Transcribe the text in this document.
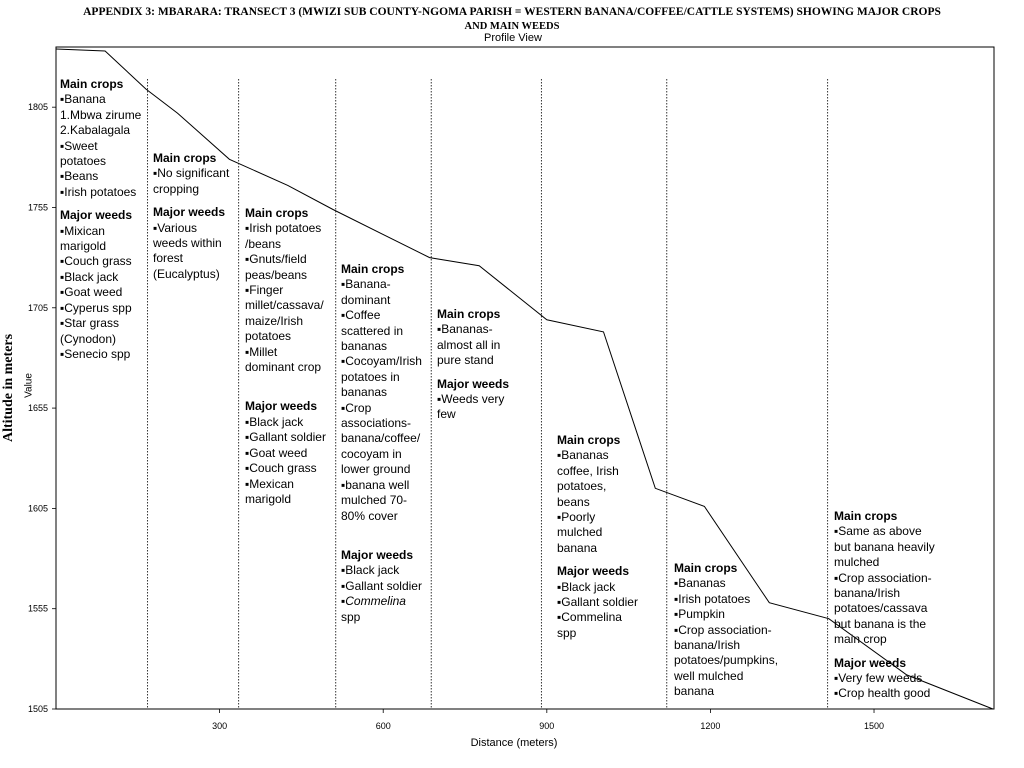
APPENDIX 3: MBARARA: TRANSECT 3 (MWIZI SUB COUNTY-NGOMA PARISH = WESTERN BANANA/COFFEE/CATTLE SYSTEMS) SHOWING MAJOR CROPS
AND MAIN WEEDS
Profile View
1505
1555
1605
1655
1705
1755
1805
300	600	900	1200	1500
Altitude in meters Value
Distance (meters)
Main crops
▪Banana
1.Mbwa zirume
2.Kabalagala
▪Sweet
potatoes
▪Beans
▪Irish potatoes
Major weeds
▪Mixican
marigold
▪Couch grass
▪Black jack
▪Goat weed
▪Cyperus spp
▪Star grass
(Cynodon)
▪Senecio spp
Main crops
▪No significant
cropping
Major weeds
▪Various
weeds within
forest
(Eucalyptus)
Main crops
▪Irish potatoes
/beans
▪Gnuts/field
peas/beans
▪Finger
millet/cassava/
maize/Irish
potatoes
▪Millet
dominant crop
Major weeds
▪Black jack
▪Gallant soldier
▪Goat weed
▪Couch grass
▪Mexican
marigold
Main crops
▪Banana-
dominant
▪Coffee
scattered in
bananas
▪Cocoyam/Irish
potatoes in
bananas
▪Crop
associations-
banana/coffee/
cocoyam in
lower ground
▪banana well
mulched 70-
80% cover
Major weeds
▪Black jack
▪Gallant soldier
▪Commelina
spp
Main crops
▪Bananas-
almost all in
pure stand
Major weeds
▪Weeds very
few
Main crops
▪Bananas
coffee, Irish
potatoes,
beans
▪Poorly
mulched
banana
Major weeds
▪Black jack
▪Gallant soldier
▪Commelina
spp
Main crops
▪Bananas
▪Irish potatoes
▪Pumpkin
▪Crop association-
banana/Irish
potatoes/pumpkins,
well mulched
banana
Main crops
▪Same as above
but banana heavily
mulched
▪Crop association-
banana/Irish
potatoes/cassava
but banana is the
main crop
Major weeds
▪Very few weeds
▪Crop health good
